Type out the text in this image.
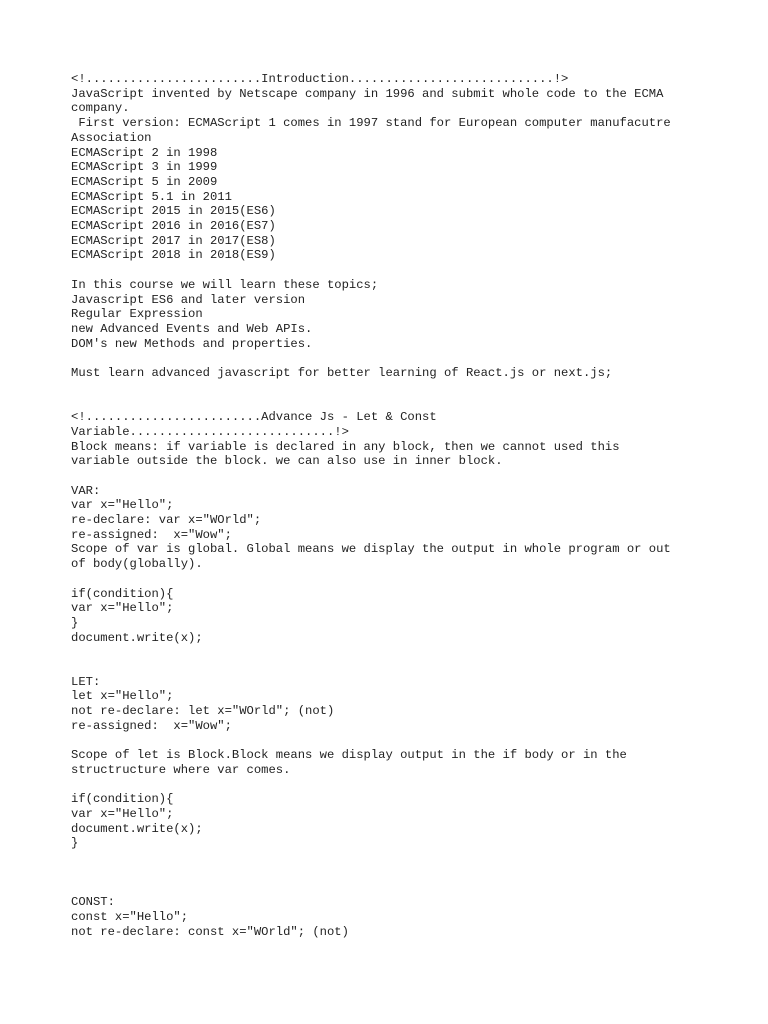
<!........................Introduction............................!>
JavaScript invented by Netscape company in 1996 and submit whole code to the ECMA
company.
First version: ECMAScript 1 comes in 1997 stand for European computer manufacutre
Association
ECMAScript 2 in 1998
ECMAScript 3 in 1999
ECMAScript 5 in 2009
ECMAScript 5.1 in 2011
ECMAScript 2015 in 2015(ES6)
ECMAScript 2016 in 2016(ES7)
ECMAScript 2017 in 2017(ES8)
ECMAScript 2018 in 2018(ES9)
In this course we will learn these topics;
Javascript ES6 and later version
Regular Expression
new Advanced Events and Web APIs.
DOM's new Methods and properties.
Must learn advanced javascript for better learning of React.js or next.js;
<!........................Advance Js - Let & Const
Variable............................!>
Block means: if variable is declared in any block, then we cannot used this
variable outside the block. we can also use in inner block.
VAR:
var x="Hello";
re-declare: var x="WOrld";
re-assigned:  x="Wow";
Scope of var is global. Global means we display the output in whole program or out
of body(globally).
if(condition){
var x="Hello";
}
document.write(x);
LET:
let x="Hello";
not re-declare: let x="WOrld"; (not)
re-assigned:  x="Wow";
Scope of let is Block.Block means we display output in the if body or in the
structructure where var comes.
if(condition){
var x="Hello";
document.write(x);
}
CONST:
const x="Hello";
not re-declare: const x="WOrld"; (not)
